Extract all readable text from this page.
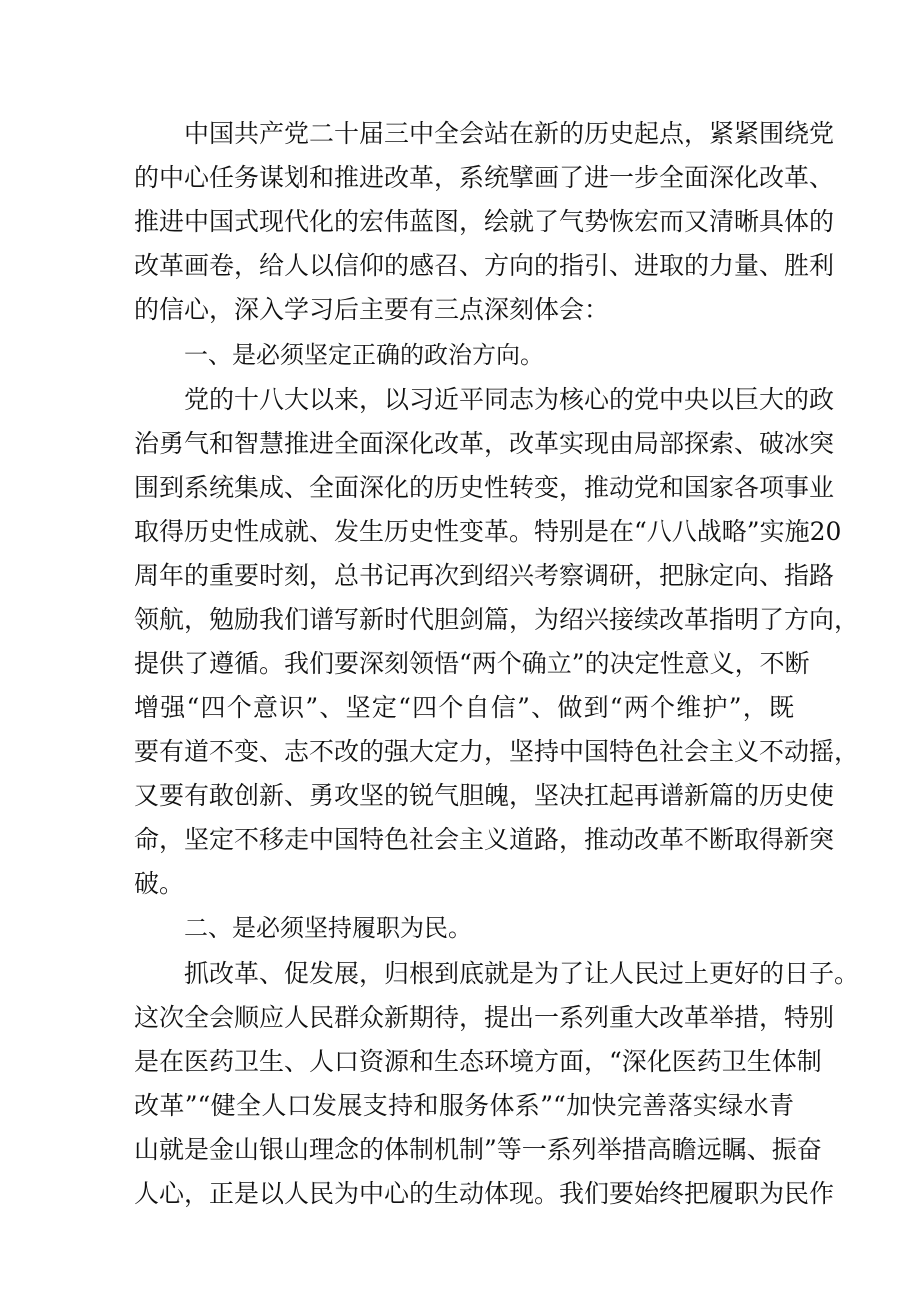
中国共产党二十届三中全会站在新的历史起点，紧紧围绕党
的中心任务谋划和推进改革，系统擘画了进一步全面深化改革、
推进中国式现代化的宏伟蓝图，绘就了气势恢宏而又清晰具体的
改革画卷，给人以信仰的感召、方向的指引、进取的力量、胜利
的信心，深入学习后主要有三点深刻体会：
一、是必须坚定正确的政治方向。
党的十八大以来，以习近平同志为核心的党中央以巨大的政
治勇气和智慧推进全面深化改革，改革实现由局部探索、破冰突
围到系统集成、全面深化的历史性转变，推动党和国家各项事业
取得历史性成就、发生历史性变革。特别是在“八八战略”实施20
周年的重要时刻，总书记再次到绍兴考察调研，把脉定向、指路
领航，勉励我们谱写新时代胆剑篇，为绍兴接续改革指明了方向，
提供了遵循。我们要深刻领悟“两个确立”的决定性意义，不断
增强“四个意识”、坚定“四个自信”、做到“两个维护”，既
要有道不变、志不改的强大定力，坚持中国特色社会主义不动摇，
又要有敢创新、勇攻坚的锐气胆魄，坚决扛起再谱新篇的历史使
命，坚定不移走中国特色社会主义道路，推动改革不断取得新突
破。
二、是必须坚持履职为民。
抓改革、促发展，归根到底就是为了让人民过上更好的日子。
这次全会顺应人民群众新期待，提出一系列重大改革举措，特别
是在医药卫生、人口资源和生态环境方面，“深化医药卫生体制
改革”“健全人口发展支持和服务体系”“加快完善落实绿水青
山就是金山银山理念的体制机制”等一系列举措高瞻远瞩、振奋
人心，正是以人民为中心的生动体现。我们要始终把履职为民作
